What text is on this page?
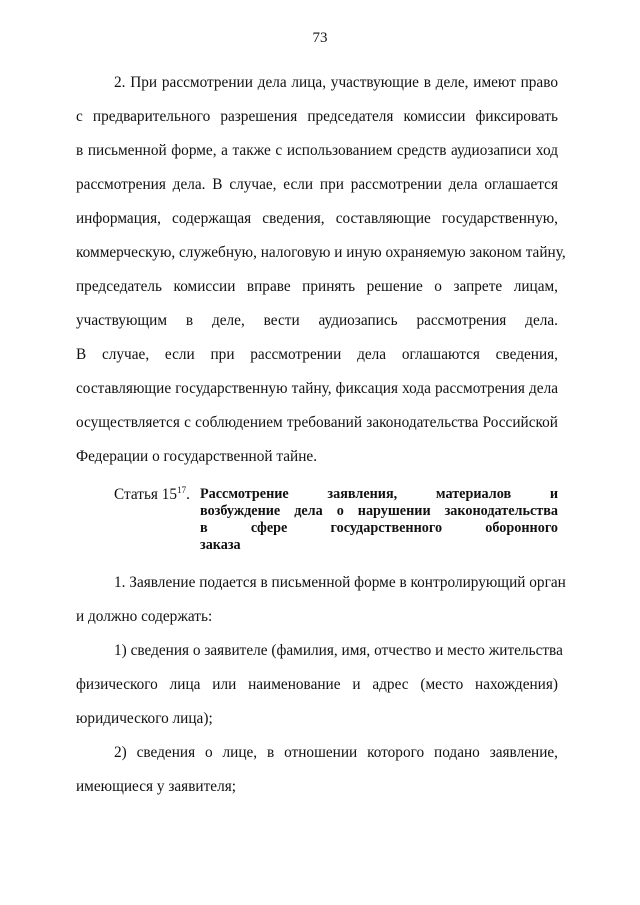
73
2. При рассмотрении дела лица, участвующие в деле, имеют право
с предварительного разрешения председателя комиссии фиксировать
в письменной форме, а также с использованием средств аудиозаписи ход
рассмотрения дела. В случае, если при рассмотрении дела оглашается
информация, содержащая сведения, составляющие государственную,
коммерческую, служебную, налоговую и иную охраняемую законом тайну,
председатель комиссии вправе принять решение о запрете лицам,
участвующим в деле, вести аудиозапись рассмотрения дела.
В случае, если при рассмотрении дела оглашаются сведения,
составляющие государственную тайну, фиксация хода рассмотрения дела
осуществляется с соблюдением требований законодательства Российской
Федерации о государственной тайне.
Статья $15^{17}$. Рассмотрение заявления, материалов и
возбуждение дела о нарушении законодательства
в сфере государственного оборонного
заказа
1. Заявление подается в письменной форме в контролирующий орган
и должно содержать:
1) сведения о заявителе (фамилия, имя, отчество и место жительства
физического лица или наименование и адрес (место нахождения)
юридического лица);
2) сведения о лице, в отношении которого подано заявление,
имеющиеся у заявителя;
